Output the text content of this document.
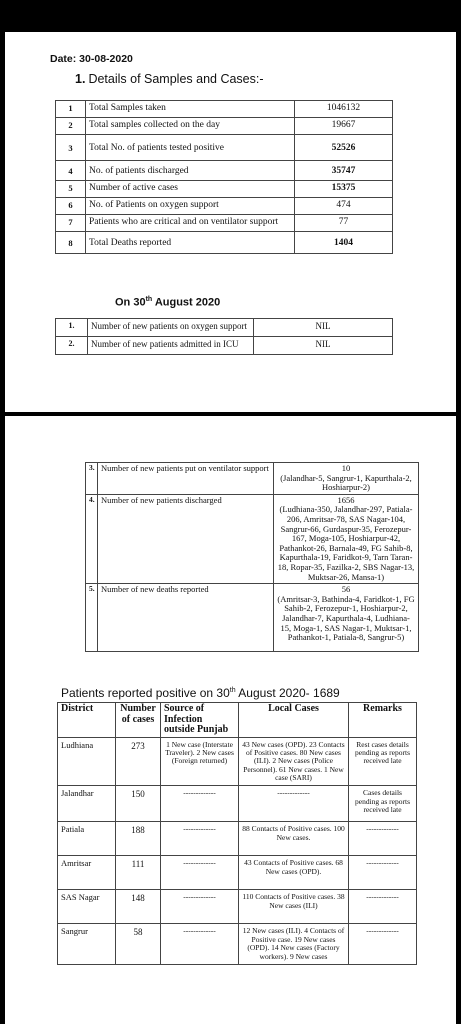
Date: 30-08-2020
1. Details of Samples and Cases:-
1	Total Samples taken	1046132
2	Total samples collected on the day	19667
3	Total No. of patients tested positive	52526
4	No. of patients discharged	35747
5	Number of active cases	15375
6	No. of Patients on oxygen support	474
7	Patients who are critical and on ventilator support	77
8	Total Deaths reported	1404
On 30th August 2020
1.	Number of new patients on oxygen support	NIL
2.	Number of new patients admitted in ICU	NIL
3.	Number of new patients put on ventilator support	10
(Jalandhar-5, Sangrur-1, Kapurthala-2, Hoshiarpur-2)

4.	Number of new patients discharged	1656
(Ludhiana-350, Jalandhar-297, Patiala-206, Amritsar-78, SAS Nagar-104, Sangrur-66, Gurdaspur-35, Ferozepur-167, Moga-105, Hoshiarpur-42, Pathankot-26, Barnala-49, FG Sahib-8, Kapurthala-19, Faridkot-9, Tarn Taran-18, Ropar-35, Fazilka-2, SBS Nagar-13, Muktsar-26, Mansa-1)

5.	Number of new deaths reported	56
(Amritsar-3, Bathinda-4, Faridkot-1, FG Sahib-2, Ferozepur-1, Hoshiarpur-2, Jalandhar-7, Kapurthala-4, Ludhiana-15, Moga-1, SAS Nagar-1, Muktsar-1, Pathankot-1, Patiala-8, Sangrur-5)
Patients reported positive on 30th August 2020- 1689
District	Number of cases	Source of Infection outside Punjab	Local Cases	Remarks
Ludhiana	273	1 New case (Interstate Traveler). 2 New cases (Foreign returned)	43 New cases (OPD). 23 Contacts of Positive cases. 80 New cases (ILI). 2 New cases (Police Personnel). 61 New cases. 1 New case (SARI)	Rest cases details pending as reports received late
Jalandhar	150	-------------	-------------	Cases details pending as reports received late
Patiala	188	-------------	88 Contacts of Positive cases. 100 New cases.	-------------
Amritsar	111	-------------	43 Contacts of Positive cases. 68 New cases (OPD).	-------------
SAS Nagar	148	-------------	110 Contacts of Positive cases. 38 New cases (ILI)	-------------
Sangrur	58	-------------	12 New cases (ILI). 4 Contacts of Positive case. 19 New cases (OPD). 14 New cases (Factory workers). 9 New cases	-------------
